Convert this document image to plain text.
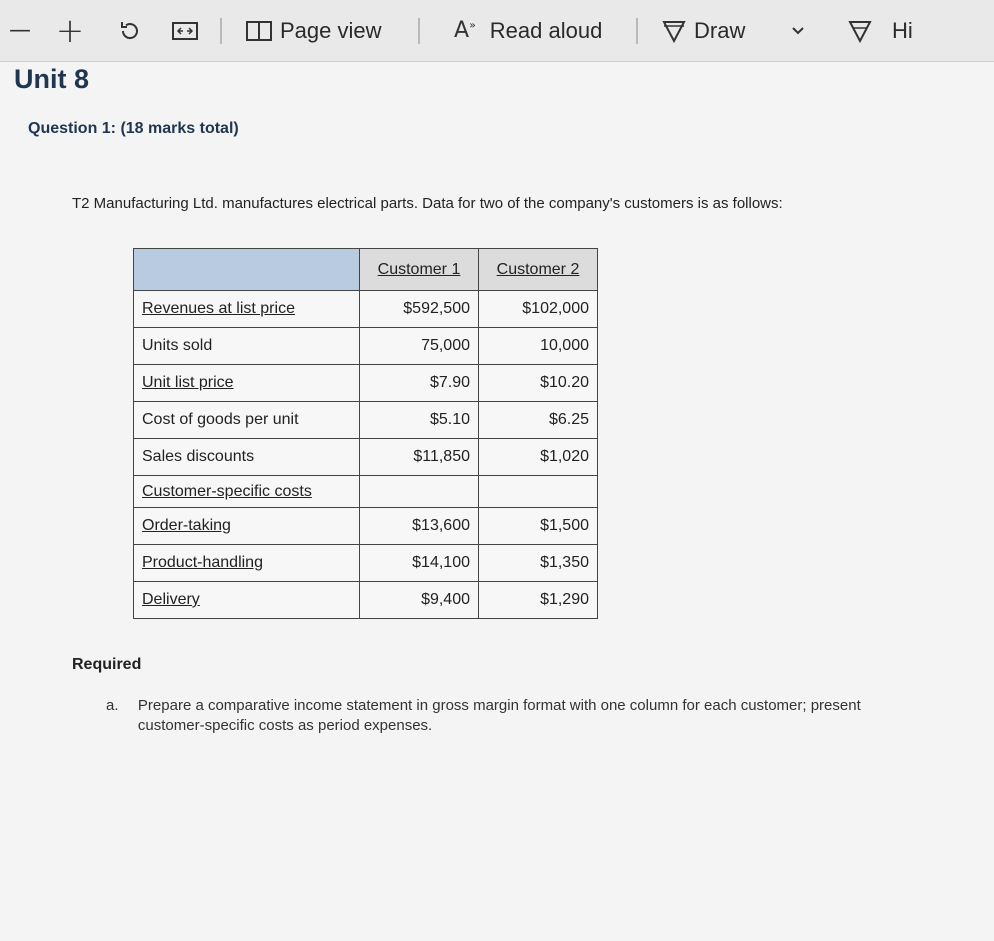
— +	Page view	A» Read aloud	Draw	Hi
Unit 8
Question 1: (18 marks total)
T2 Manufacturing Ltd. manufactures electrical parts. Data for two of the company's customers is as follows:
	Customer 1	Customer 2
Revenues at list price	$592,500	$102,000
Units sold	75,000	10,000
Unit list price	$7.90	$10.20
Cost of goods per unit	$5.10	$6.25
Sales discounts	$11,850	$1,020
Customer-specific costs		
Order-taking	$13,600	$1,500
Product-handling	$14,100	$1,350
Delivery	$9,400	$1,290
Required
a.	Prepare a comparative income statement in gross margin format with one column for each customer; present customer-specific costs as period expenses.
